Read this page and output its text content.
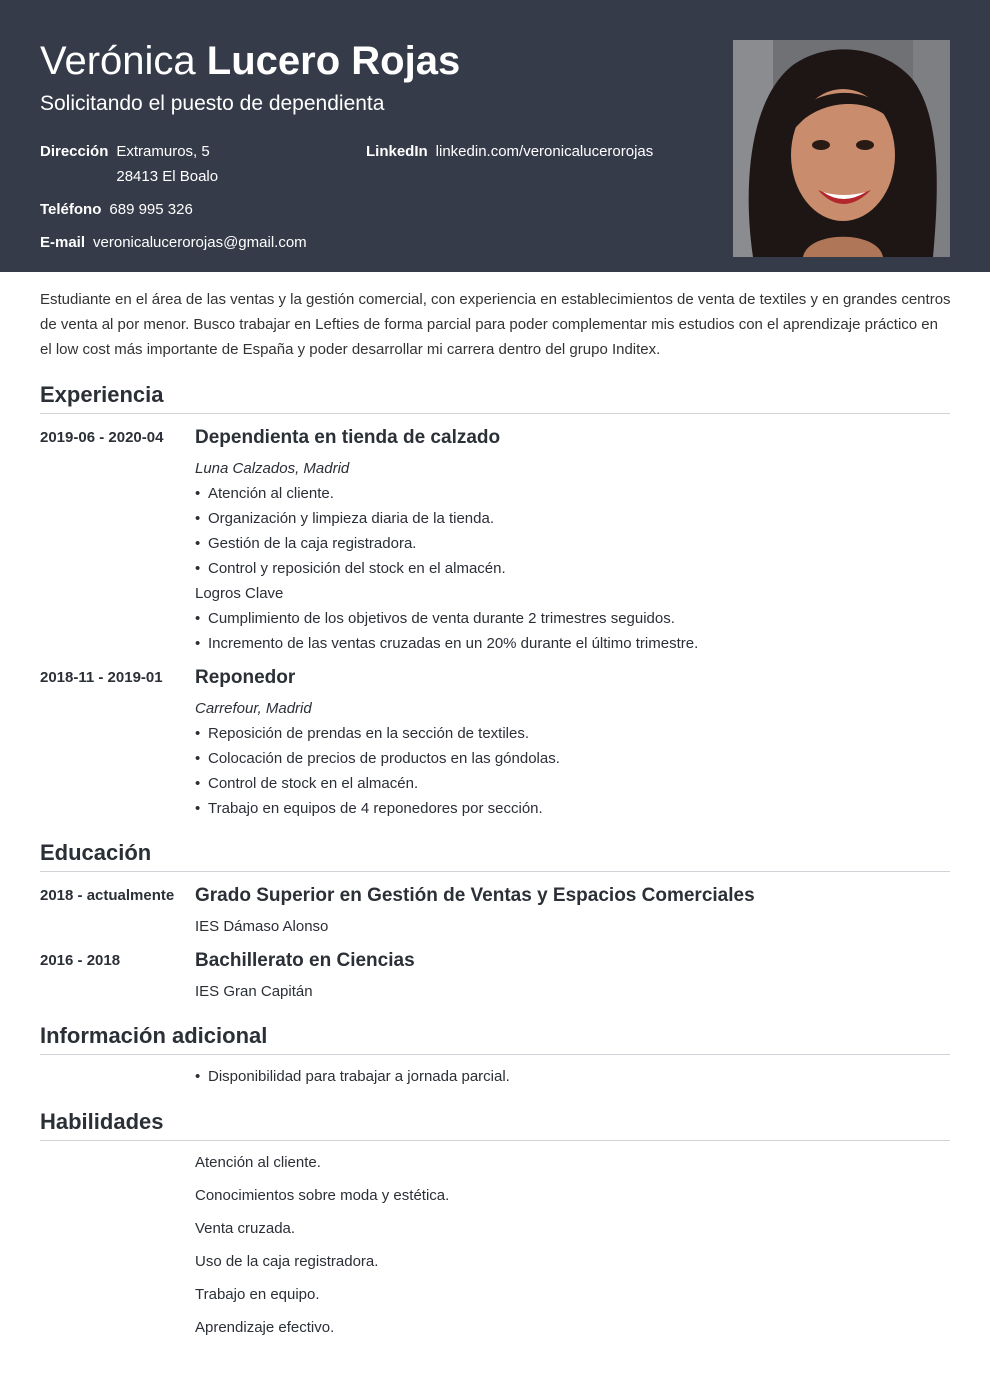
Verónica Lucero Rojas
Solicitando el puesto de dependienta
Dirección Extramuros, 5
28413 El Boalo
LinkedIn linkedin.com/veronicalucerorojas
Teléfono 689 995 326
E-mail veronicalucerorojas@gmail.com
Estudiante en el área de las ventas y la gestión comercial, con experiencia en establecimientos de venta de textiles y en grandes centros de venta al por menor. Busco trabajar en Lefties de forma parcial para poder complementar mis estudios con el aprendizaje práctico en el low cost más importante de España y poder desarrollar mi carrera dentro del grupo Inditex.
Experiencia
2019-06 - 2020-04 Dependienta en tienda de calzado
Luna Calzados, Madrid
• Atención al cliente.
• Organización y limpieza diaria de la tienda.
• Gestión de la caja registradora.
• Control y reposición del stock en el almacén.
Logros Clave
• Cumplimiento de los objetivos de venta durante 2 trimestres seguidos.
• Incremento de las ventas cruzadas en un 20% durante el último trimestre.
2018-11 - 2019-01 Reponedor
Carrefour, Madrid
• Reposición de prendas en la sección de textiles.
• Colocación de precios de productos en las góndolas.
• Control de stock en el almacén.
• Trabajo en equipos de 4 reponedores por sección.
Educación
2018 - actualmente Grado Superior en Gestión de Ventas y Espacios Comerciales
IES Dámaso Alonso
2016 - 2018	Bachillerato en Ciencias
IES Gran Capitán
Información adicional
• Disponibilidad para trabajar a jornada parcial.
Habilidades
Atención al cliente.
Conocimientos sobre moda y estética.
Venta cruzada.
Uso de la caja registradora.
Trabajo en equipo.
Aprendizaje efectivo.
